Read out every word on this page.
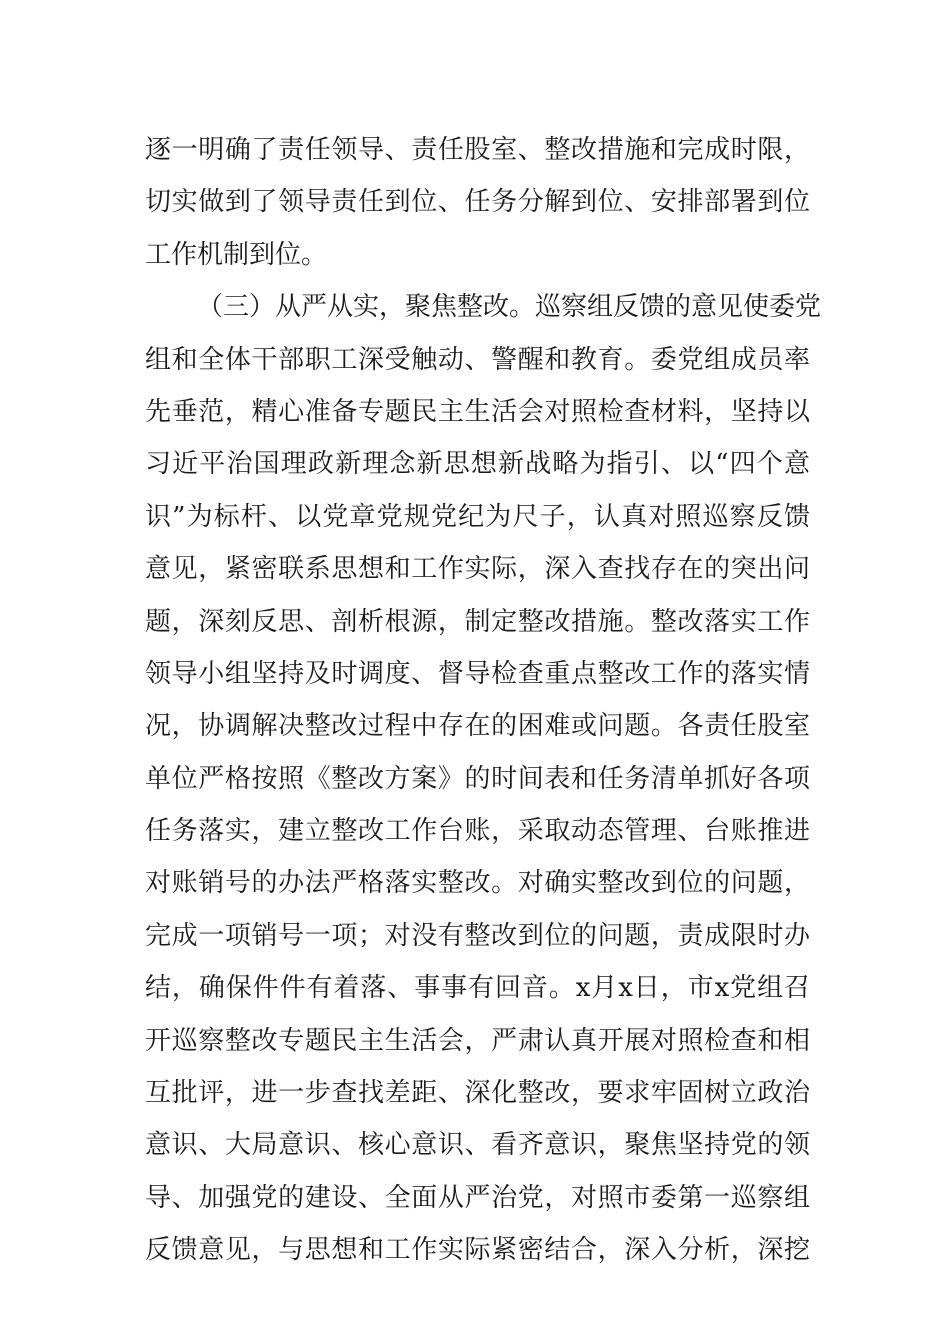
逐一明确了责任领导、责任股室、整改措施和完成时限，
切实做到了领导责任到位、任务分解到位、安排部署到位
工作机制到位。
（三）从严从实，聚焦整改。巡察组反馈的意见使委党
组和全体干部职工深受触动、警醒和教育。委党组成员率
先垂范，精心准备专题民主生活会对照检查材料，坚持以
习近平治国理政新理念新思想新战略为指引、以“四个意
识”为标杆、以党章党规党纪为尺子，认真对照巡察反馈
意见，紧密联系思想和工作实际，深入查找存在的突出问
题，深刻反思、剖析根源，制定整改措施。整改落实工作
领导小组坚持及时调度、督导检查重点整改工作的落实情
况，协调解决整改过程中存在的困难或问题。各责任股室
单位严格按照《整改方案》的时间表和任务清单抓好各项
任务落实，建立整改工作台账，采取动态管理、台账推进
对账销号的办法严格落实整改。对确实整改到位的问题，
完成一项销号一项；对没有整改到位的问题，责成限时办
结，确保件件有着落、事事有回音。x月x日，市x党组召
开巡察整改专题民主生活会，严肃认真开展对照检查和相
互批评，进一步查找差距、深化整改，要求牢固树立政治
意识、大局意识、核心意识、看齐意识，聚焦坚持党的领
导、加强党的建设、全面从严治党，对照市委第一巡察组
反馈意见，与思想和工作实际紧密结合，深入分析，深挖
